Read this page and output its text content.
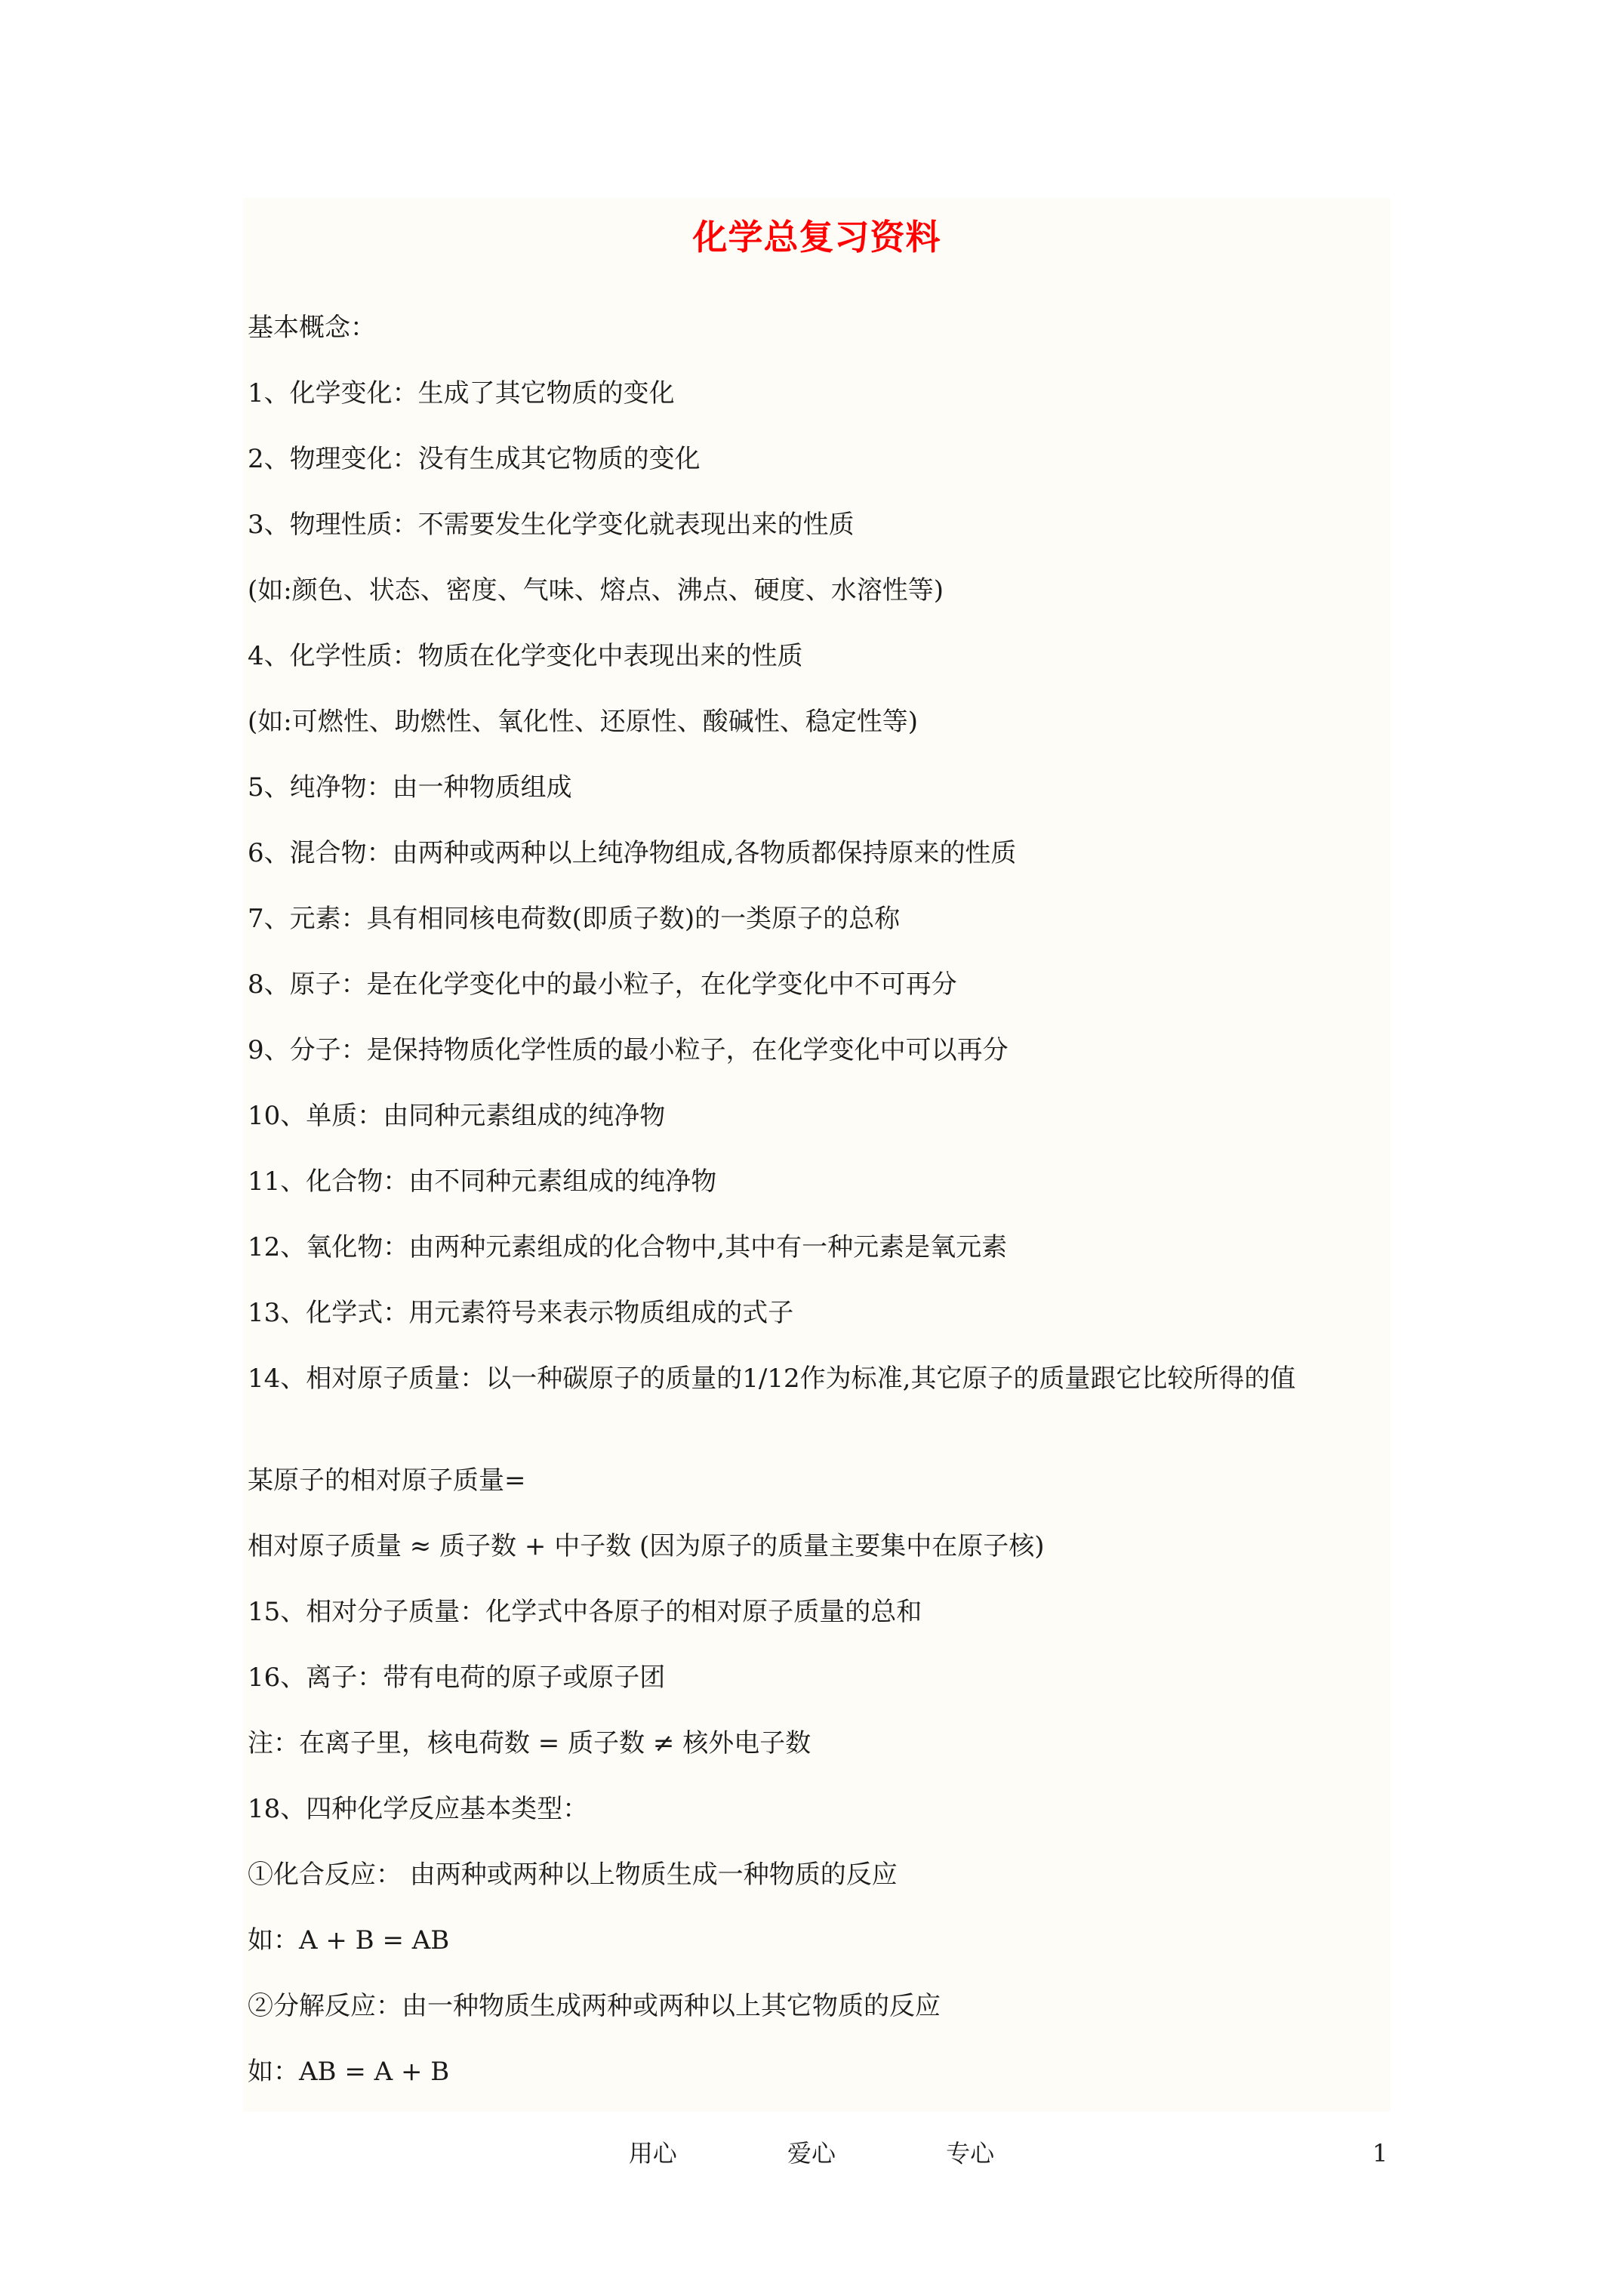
化学总复习资料
基本概念：
1、化学变化：生成了其它物质的变化
2、物理变化：没有生成其它物质的变化
3、物理性质：不需要发生化学变化就表现出来的性质
(如:颜色、状态、密度、气味、熔点、沸点、硬度、水溶性等)
4、化学性质：物质在化学变化中表现出来的性质
(如:可燃性、助燃性、氧化性、还原性、酸碱性、稳定性等)
5、纯净物：由一种物质组成
6、混合物：由两种或两种以上纯净物组成,各物质都保持原来的性质
7、元素：具有相同核电荷数(即质子数)的一类原子的总称
8、原子：是在化学变化中的最小粒子，在化学变化中不可再分
9、分子：是保持物质化学性质的最小粒子，在化学变化中可以再分
10、单质：由同种元素组成的纯净物
11、化合物：由不同种元素组成的纯净物
12、氧化物：由两种元素组成的化合物中,其中有一种元素是氧元素
13、化学式：用元素符号来表示物质组成的式子
14、相对原子质量：以一种碳原子的质量的1/12作为标准,其它原子的质量跟它比较所得的值
某原子的相对原子质量=
相对原子质量 ≈ 质子数 + 中子数 (因为原子的质量主要集中在原子核)
15、相对分子质量：化学式中各原子的相对原子质量的总和
16、离子：带有电荷的原子或原子团
注：在离子里，核电荷数 = 质子数 ≠ 核外电子数
18、四种化学反应基本类型：
①化合反应： 由两种或两种以上物质生成一种物质的反应
如：A + B = AB
②分解反应：由一种物质生成两种或两种以上其它物质的反应
如：AB = A + B
用心	爱心	专心	1
